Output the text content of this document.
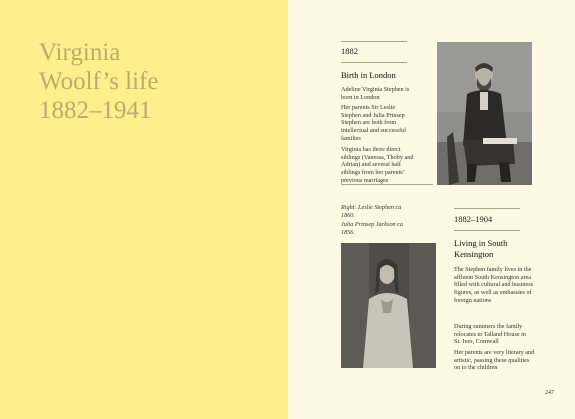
Virginia
Woolf’s life
1882–1941
1882
Birth in London
Adeline Virginia Stephen is born in London
Her parents Sir Leslie Stephen and Julia Prinsep Stephen are both from intellectual and successful families
Virginia has three direct siblings (Vanessa, Thoby and Adrian) and several half siblings from her parents’ previous marriages
Right: Leslie Stephen ca 1860.
Julia Prinsep Jackson ca 1856.
1882–1904
Living in South Kensington
The Stephen family lives in the affluent South Kensington area filled with cultural and business figures, as well as embassies of foreign nations
During summers the family relocates to Talland House in St. Ives, Cornwall
Her parents are very literary and artistic, passing these qualities on to the children
247
